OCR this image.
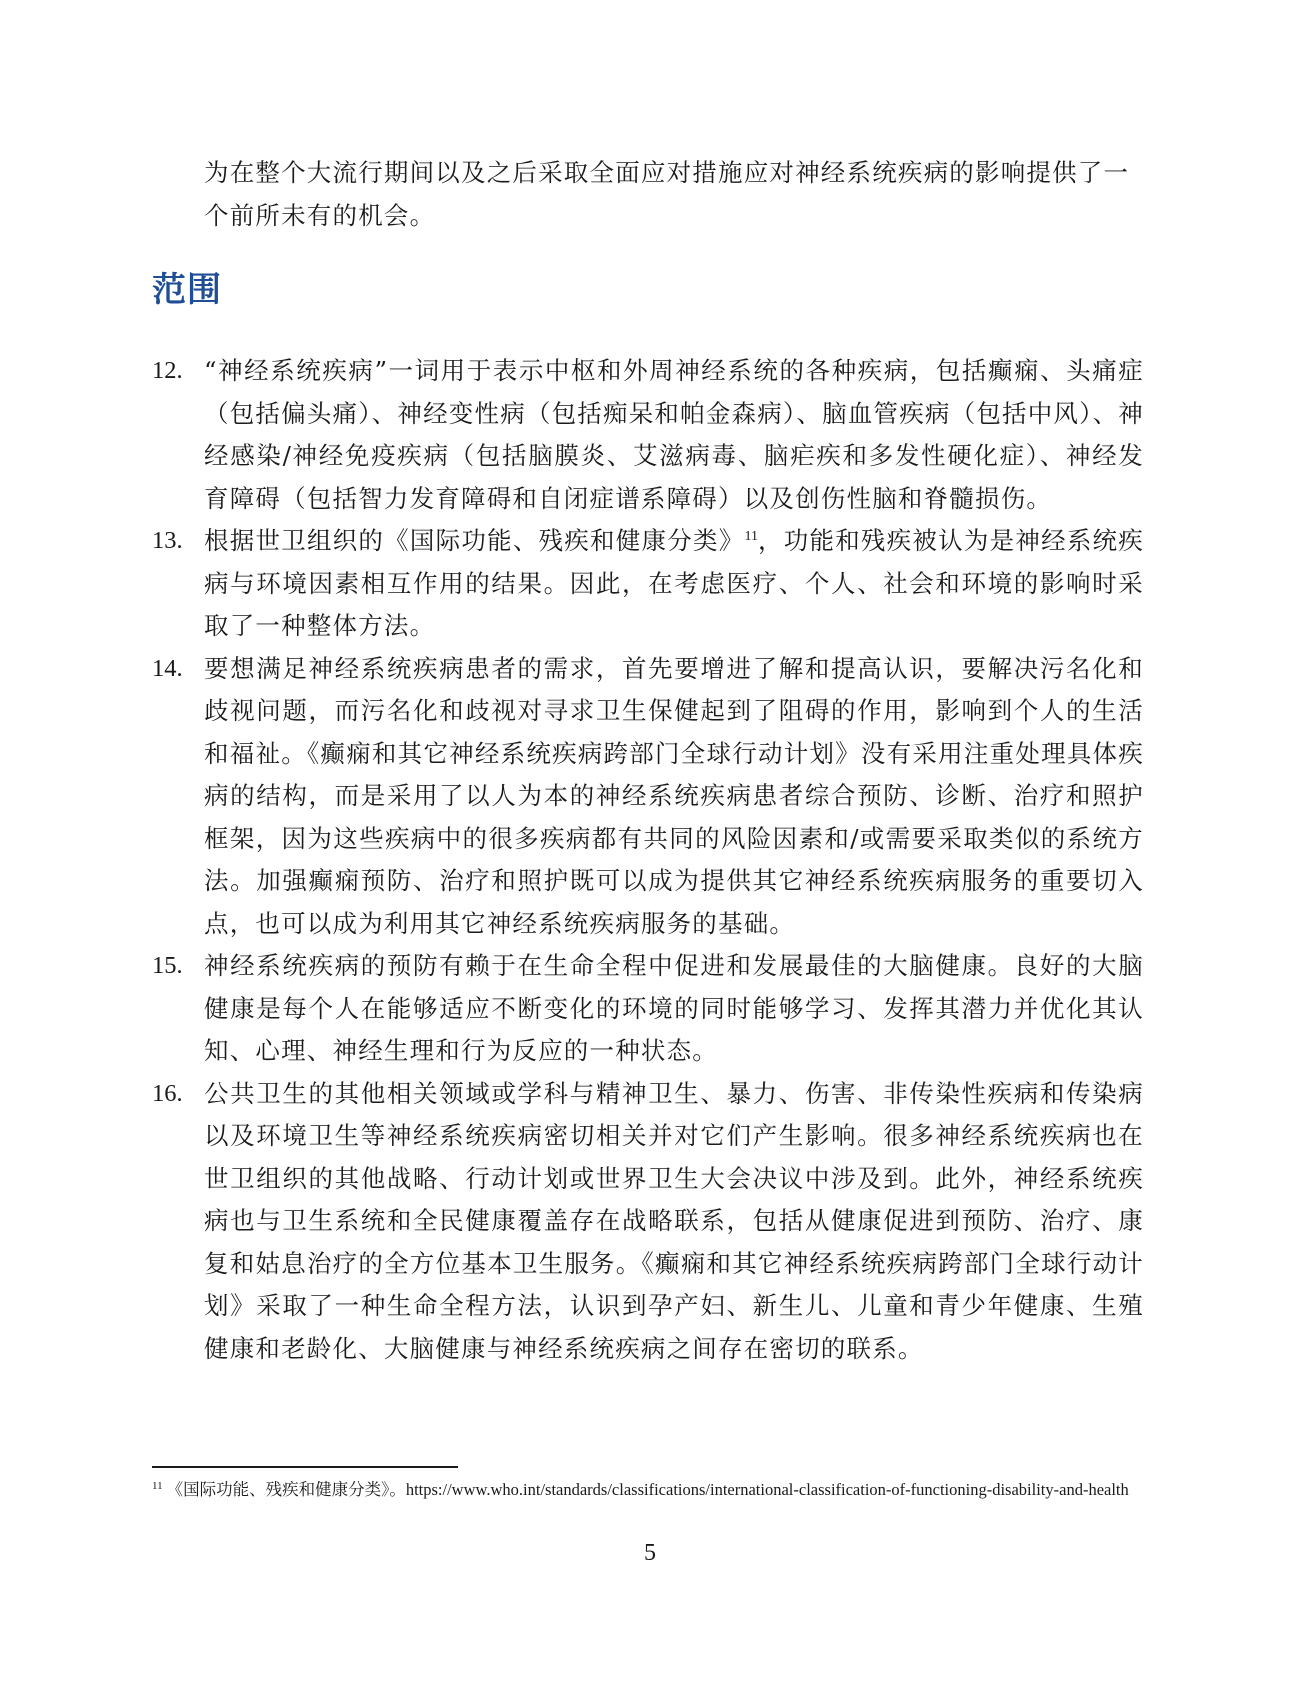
为在整个大流行期间以及之后采取全面应对措施应对神经系统疾病的影响提供了一个前所未有的机会。

范围
12. “神经系统疾病”一词用于表示中枢和外周神经系统的各种疾病，包括癫痫、头痛症（包括偏头痛）、神经变性病（包括痴呆和帕金森病）、脑血管疾病（包括中风）、神经感染/神经免疫疾病（包括脑膜炎、艾滋病毒、脑疟疾和多发性硬化症）、神经发育障碍（包括智力发育障碍和自闭症谱系障碍）以及创伤性脑和脊髓损伤。
13. 根据世卫组织的《国际功能、残疾和健康分类》$^{11}$，功能和残疾被认为是神经系统疾病与环境因素相互作用的结果。因此，在考虑医疗、个人、社会和环境的影响时采取了一种整体方法。
14. 要想满足神经系统疾病患者的需求，首先要增进了解和提高认识，要解决污名化和歧视问题，而污名化和歧视对寻求卫生保健起到了阻碍的作用，影响到个人的生活和福祉。《癫痫和其它神经系统疾病跨部门全球行动计划》没有采用注重处理具体疾病的结构，而是采用了以人为本的神经系统疾病患者综合预防、诊断、治疗和照护框架，因为这些疾病中的很多疾病都有共同的风险因素和/或需要采取类似的系统方法。加强癫痫预防、治疗和照护既可以成为提供其它神经系统疾病服务的重要切入点，也可以成为利用其它神经系统疾病服务的基础。
15. 神经系统疾病的预防有赖于在生命全程中促进和发展最佳的大脑健康。良好的大脑健康是每个人在能够适应不断变化的环境的同时能够学习、发挥其潜力并优化其认知、心理、神经生理和行为反应的一种状态。
16. 公共卫生的其他相关领域或学科与精神卫生、暴力、伤害、非传染性疾病和传染病以及环境卫生等神经系统疾病密切相关并对它们产生影响。很多神经系统疾病也在世卫组织的其他战略、行动计划或世界卫生大会决议中涉及到。此外，神经系统疾病也与卫生系统和全民健康覆盖存在战略联系，包括从健康促进到预防、治疗、康复和姑息治疗的全方位基本卫生服务。《癫痫和其它神经系统疾病跨部门全球行动计划》采取了一种生命全程方法，认识到孕产妇、新生儿、儿童和青少年健康、生殖健康和老龄化、大脑健康与神经系统疾病之间存在密切的联系。

$^{11}$ 《国际功能、残疾和健康分类》。https://www.who.int/standards/classifications/international-classification-of-functioning-disability-and-health

5
